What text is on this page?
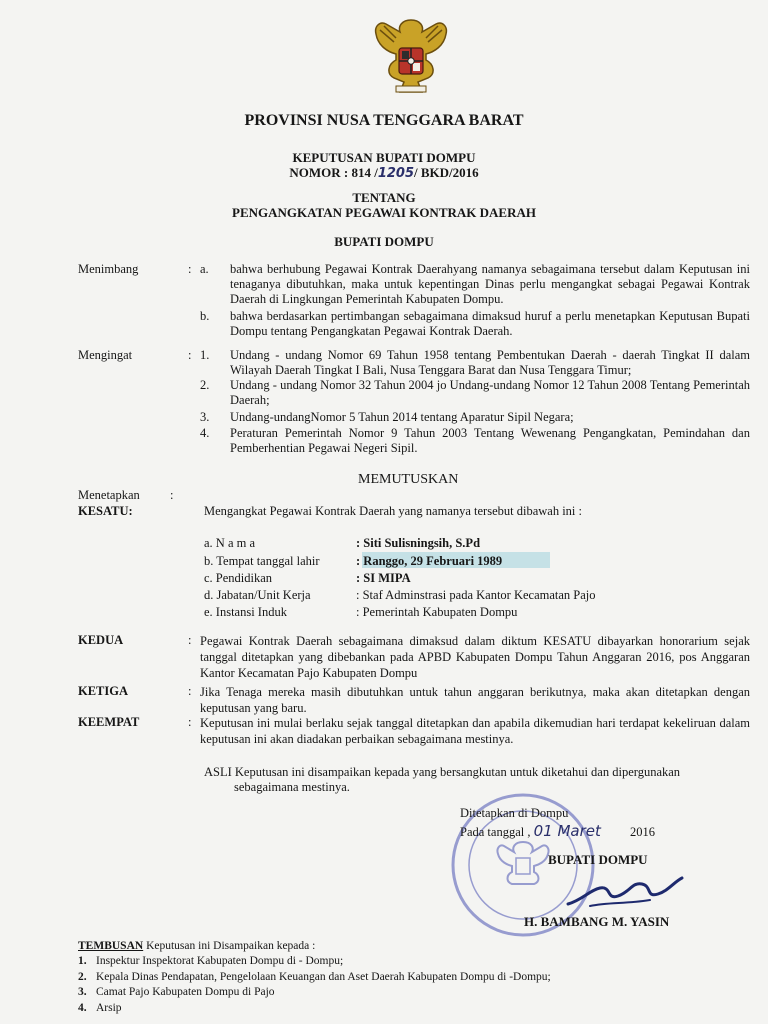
PROVINSI NUSA TENGGARA BARAT
KEPUTUSAN BUPATI DOMPU
NOMOR : 814 /1205/ BKD/2016
TENTANG
PENGANGKATAN PEGAWAI KONTRAK DAERAH
BUPATI DOMPU
Menimbang	: a. bahwa berhubung Pegawai Kontrak Daerahyang namanya sebagaimana tersebut dalam Keputusan ini tenaganya dibutuhkan, maka untuk kepentingan Dinas perlu mengangkat sebagai Pegawai Kontrak Daerah di Lingkungan Pemerintah Kabupaten Dompu.
b. bahwa berdasarkan pertimbangan sebagaimana dimaksud huruf a perlu menetapkan Keputusan Bupati Dompu tentang Pengangkatan Pegawai Kontrak Daerah.
Mengingat	: 1. Undang - undang Nomor 69 Tahun 1958 tentang Pembentukan Daerah - daerah Tingkat II dalam Wilayah Daerah Tingkat I Bali, Nusa Tenggara Barat dan Nusa Tenggara Timur;
2. Undang - undang Nomor 32 Tahun 2004 jo Undang-undang Nomor 12 Tahun 2008 Tentang Pemerintah Daerah;
3. Undang-undangNomor 5 Tahun 2014 tentang Aparatur Sipil Negara;
4. Peraturan Pemerintah Nomor 9 Tahun 2003 Tentang Wewenang Pengangkatan, Pemindahan dan Pemberhentian Pegawai Negeri Sipil.
MEMUTUSKAN
Menetapkan :
KESATU:	Mengangkat Pegawai Kontrak Daerah yang namanya tersebut dibawah ini :
a. N a m a	: Siti Sulisningsih, S.Pd
b. Tempat tanggal lahir	: Ranggo, 29 Februari 1989
c. Pendidikan	: SI MIPA
d. Jabatan/Unit Kerja	: Staf Adminstrasi pada Kantor Kecamatan Pajo
e. Instansi Induk	: Pemerintah Kabupaten Dompu
KEDUA	: Pegawai Kontrak Daerah sebagaimana dimaksud dalam diktum KESATU dibayarkan honorarium sejak tanggal ditetapkan yang dibebankan pada APBD Kabupaten Dompu Tahun Anggaran 2016, pos Anggaran Kantor Kecamatan Pajo Kabupaten Dompu
KETIGA	: Jika Tenaga mereka masih dibutuhkan untuk tahun anggaran berikutnya, maka akan ditetapkan dengan keputusan yang baru.
KEEMPAT	: Keputusan ini mulai berlaku sejak tanggal ditetapkan dan apabila dikemudian hari terdapat kekeliruan dalam keputusan ini akan diadakan perbaikan sebagaimana mestinya.
ASLI Keputusan ini disampaikan kepada yang bersangkutan untuk diketahui dan dipergunakan
sebagaimana mestinya.
Ditetapkan di Dompu
Pada tanggal , 01 Maret 2016
BUPATI DOMPU
H. BAMBANG M. YASIN
TEMBUSAN Keputusan ini Disampaikan kepada :
1. Inspektur Inspektorat Kabupaten Dompu di - Dompu;
2. Kepala Dinas Pendapatan, Pengelolaan Keuangan dan Aset Daerah Kabupaten Dompu di -Dompu;
3. Camat Pajo Kabupaten Dompu di Pajo
4. Arsip
